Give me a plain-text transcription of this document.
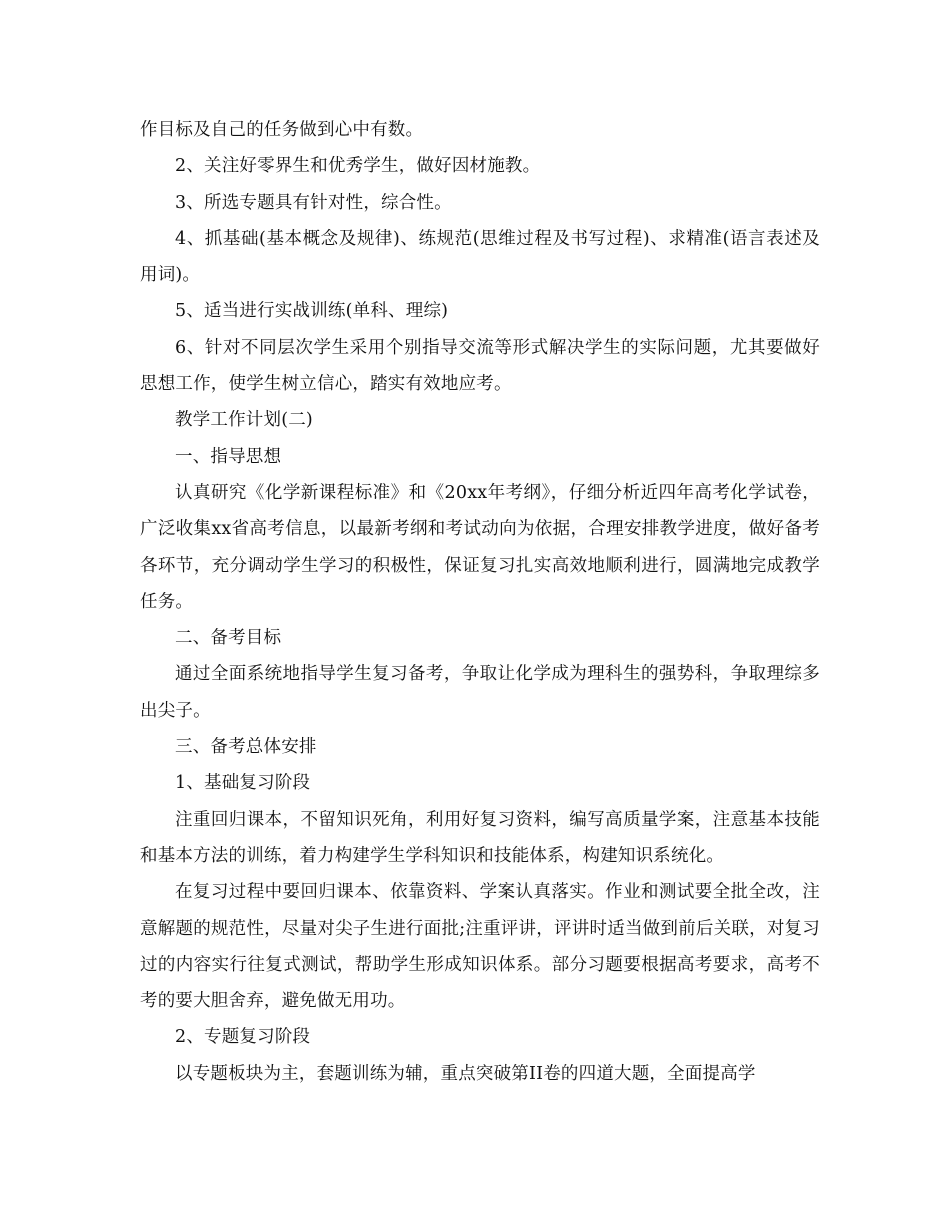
作目标及自己的任务做到心中有数。

2、关注好零界生和优秀学生，做好因材施教。

3、所选专题具有针对性，综合性。

4、抓基础(基本概念及规律)、练规范(思维过程及书写过程)、求精准(语言表述及用词)。

5、适当进行实战训练(单科、理综)

6、针对不同层次学生采用个别指导交流等形式解决学生的实际问题，尤其要做好思想工作，使学生树立信心，踏实有效地应考。

教学工作计划(二)

一、指导思想

认真研究《化学新课程标准》和《20xx年考纲》，仔细分析近四年高考化学试卷，广泛收集xx省高考信息，以最新考纲和考试动向为依据，合理安排教学进度，做好备考各环节，充分调动学生学习的积极性，保证复习扎实高效地顺利进行，圆满地完成教学任务。

二、备考目标

通过全面系统地指导学生复习备考，争取让化学成为理科生的强势科，争取理综多出尖子。

三、备考总体安排

1、基础复习阶段

注重回归课本，不留知识死角，利用好复习资料，编写高质量学案，注意基本技能和基本方法的训练，着力构建学生学科知识和技能体系，构建知识系统化。

在复习过程中要回归课本、依靠资料、学案认真落实。作业和测试要全批全改，注意解题的规范性，尽量对尖子生进行面批;注重评讲，评讲时适当做到前后关联，对复习过的内容实行往复式测试，帮助学生形成知识体系。部分习题要根据高考要求，高考不考的要大胆舍弃，避免做无用功。

2、专题复习阶段

以专题板块为主，套题训练为辅，重点突破第II卷的四道大题，全面提高学
